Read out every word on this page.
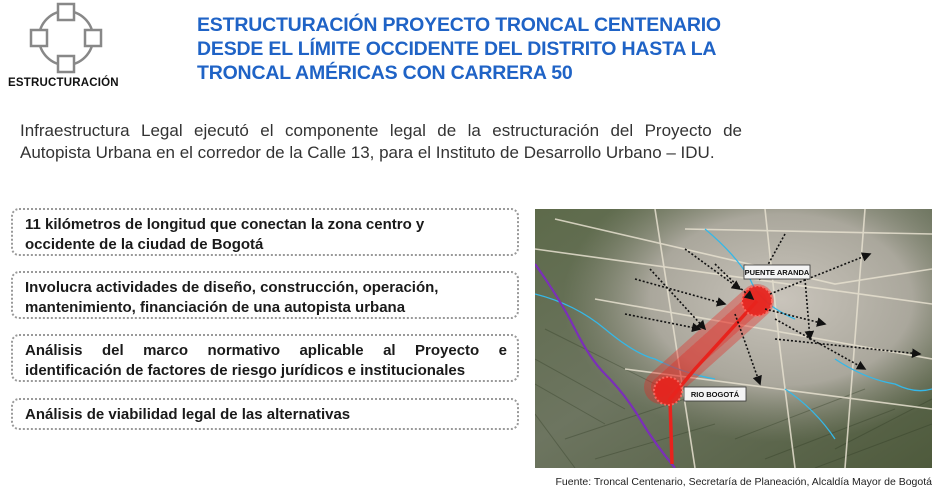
ESTRUCTURACIÓN
ESTRUCTURACIÓN PROYECTO TRONCAL CENTENARIO
DESDE EL LÍMITE OCCIDENTE DEL DISTRITO HASTA LA
TRONCAL AMÉRICAS CON CARRERA 50
Infraestructura Legal ejecutó el componente legal de la estructuración del Proyecto de Autopista Urbana en el corredor de la Calle 13, para el Instituto de Desarrollo Urbano – IDU.
11 kilómetros de longitud que conectan la zona centro y
occidente de la ciudad de Bogotá
Involucra actividades de diseño, construcción, operación,
mantenimiento, financiación de una autopista urbana
Análisis del marco normativo aplicable al Proyecto e
identificación de factores de riesgo jurídicos e institucionales
Análisis de viabilidad legal de las alternativas
PUENTE ARANDA
RIO BOGOTÁ
Fuente: Troncal Centenario, Secretaría de Planeación, Alcaldía Mayor de Bogotá
